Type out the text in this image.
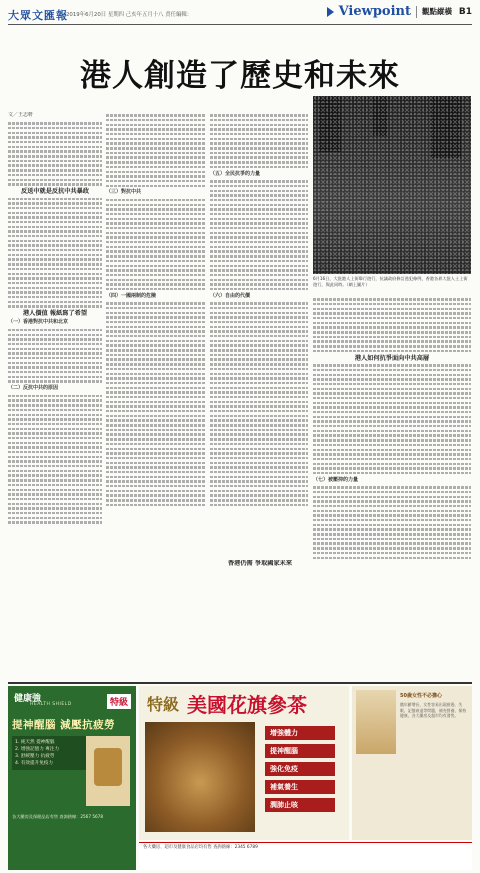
大眾文匯報
2019年6月20日 星期四 己亥年五月十八 責任編輯：	Viewpoint 觀點縱橫 B1
港人創造了歷史和未來

文／王志軒

反送中就是反抗中共暴政

港人價值 報紙寫了希望

（一）香港對抗中共和北京

（二）反抗中共的原因

（三）對抗中共

（四）一國兩制的危險

（五）全民抗爭的力量

（六）自由的代價

6月16日，大批港人上街舉行遊行，抗議政府修訂逃犯條例，香港各界大批人士上街遊行，與此同時。（網上圖片）

港人如何抗爭面向中共高層

（七）被壓抑的力量

香港仍需 爭取國家未來

健康強
HEALTH SHIELD	特級
提神醒腦 減壓抗疲勞
1. 純天然 提神醒腦
2. 增強記憶力 專注力
3. 舒緩壓力 抗疲勞
4. 有效提升免疫力
各大藥房及保健品店有售 查詢熱線：2567 5678
特級 美國花旗參茶
增強體力
提神醒腦
強化免疫
補氣養生
潤肺止咳
50歲女性不必擔心
隨年齡增長，女性容易出現疲倦、失眠、記憶衰退等問題，補充營養，保持健康，各大藥房及超市均有發售。
各大藥房、超市及健康食品店均有售 查詢熱線：2345 6789
